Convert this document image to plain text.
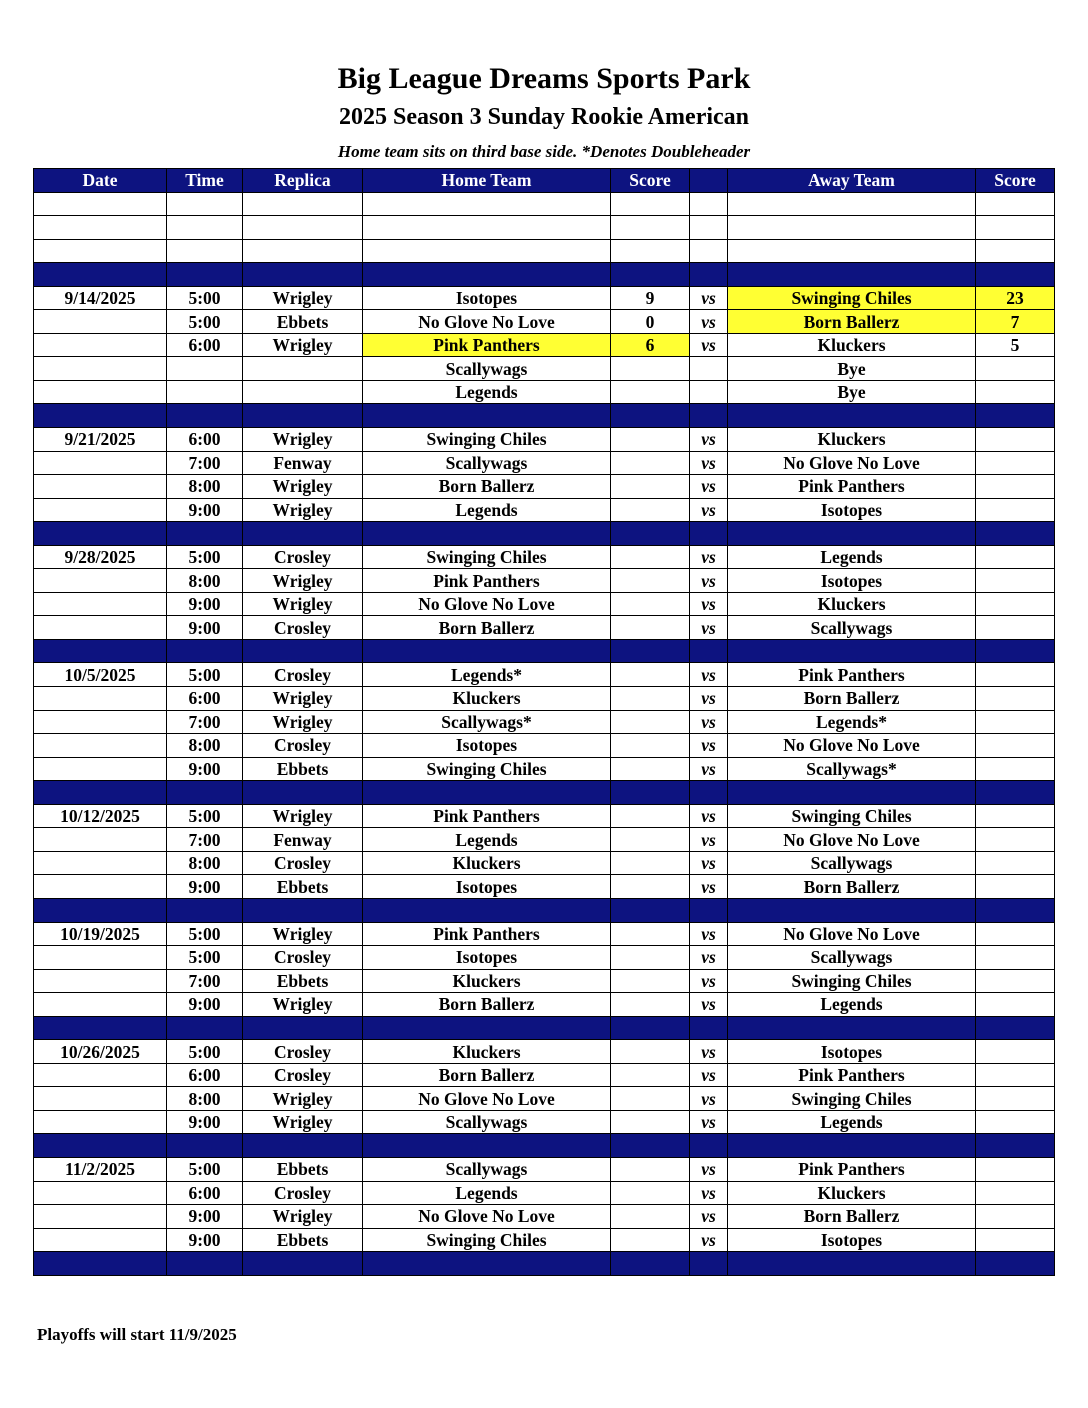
Big League Dreams Sports Park
2025 Season 3 Sunday Rookie American
Home team sits on third base side. *Denotes Doubleheader
Date	Time	Replica	Home Team	Score		Away Team	Score

9/14/2025	5:00	Wrigley	Isotopes	9	vs	Swinging Chiles	23
	5:00	Ebbets	No Glove No Love	0	vs	Born Ballerz	7
	6:00	Wrigley	Pink Panthers	6	vs	Kluckers	5
			Scallywags			Bye	
			Legends			Bye	

9/21/2025	6:00	Wrigley	Swinging Chiles		vs	Kluckers	
	7:00	Fenway	Scallywags		vs	No Glove No Love	
	8:00	Wrigley	Born Ballerz		vs	Pink Panthers	
	9:00	Wrigley	Legends		vs	Isotopes	

9/28/2025	5:00	Crosley	Swinging Chiles		vs	Legends	
	8:00	Wrigley	Pink Panthers		vs	Isotopes	
	9:00	Wrigley	No Glove No Love		vs	Kluckers	
	9:00	Crosley	Born Ballerz		vs	Scallywags	

10/5/2025	5:00	Crosley	Legends*		vs	Pink Panthers	
	6:00	Wrigley	Kluckers		vs	Born Ballerz	
	7:00	Wrigley	Scallywags*		vs	Legends*	
	8:00	Crosley	Isotopes		vs	No Glove No Love	
	9:00	Ebbets	Swinging Chiles		vs	Scallywags*	

10/12/2025	5:00	Wrigley	Pink Panthers		vs	Swinging Chiles	
	7:00	Fenway	Legends		vs	No Glove No Love	
	8:00	Crosley	Kluckers		vs	Scallywags	
	9:00	Ebbets	Isotopes		vs	Born Ballerz	

10/19/2025	5:00	Wrigley	Pink Panthers		vs	No Glove No Love	
	5:00	Crosley	Isotopes		vs	Scallywags	
	7:00	Ebbets	Kluckers		vs	Swinging Chiles	
	9:00	Wrigley	Born Ballerz		vs	Legends	

10/26/2025	5:00	Crosley	Kluckers		vs	Isotopes	
	6:00	Crosley	Born Ballerz		vs	Pink Panthers	
	8:00	Wrigley	No Glove No Love		vs	Swinging Chiles	
	9:00	Wrigley	Scallywags		vs	Legends	

11/2/2025	5:00	Ebbets	Scallywags		vs	Pink Panthers	
	6:00	Crosley	Legends		vs	Kluckers	
	9:00	Wrigley	No Glove No Love		vs	Born Ballerz	
	9:00	Ebbets	Swinging Chiles		vs	Isotopes	

Playoffs will start 11/9/2025
